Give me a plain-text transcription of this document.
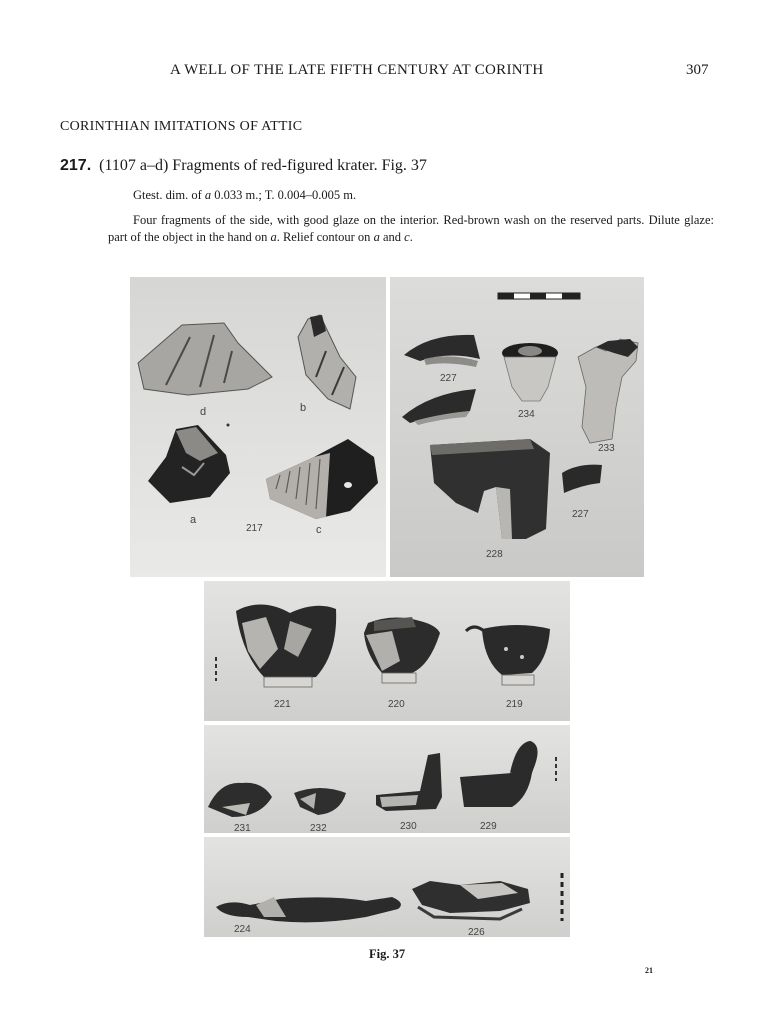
A WELL OF THE LATE FIFTH CENTURY AT CORINTH	307
CORINTHIAN IMITATIONS OF ATTIC
217. (1107 a–d) Fragments of red-figured krater. Fig. 37
Gtest. dim. of a 0.033 m.; T. 0.004–0.005 m.
Four fragments of the side, with good glaze on the interior. Red-brown wash on the reserved parts. Dilute glaze: part of the object in the hand on a. Relief contour on a and c.
d	b
a
c
217
227
234
233
228
227
221	220	219
231	232	230	229
224	226
Fig. 37
21
